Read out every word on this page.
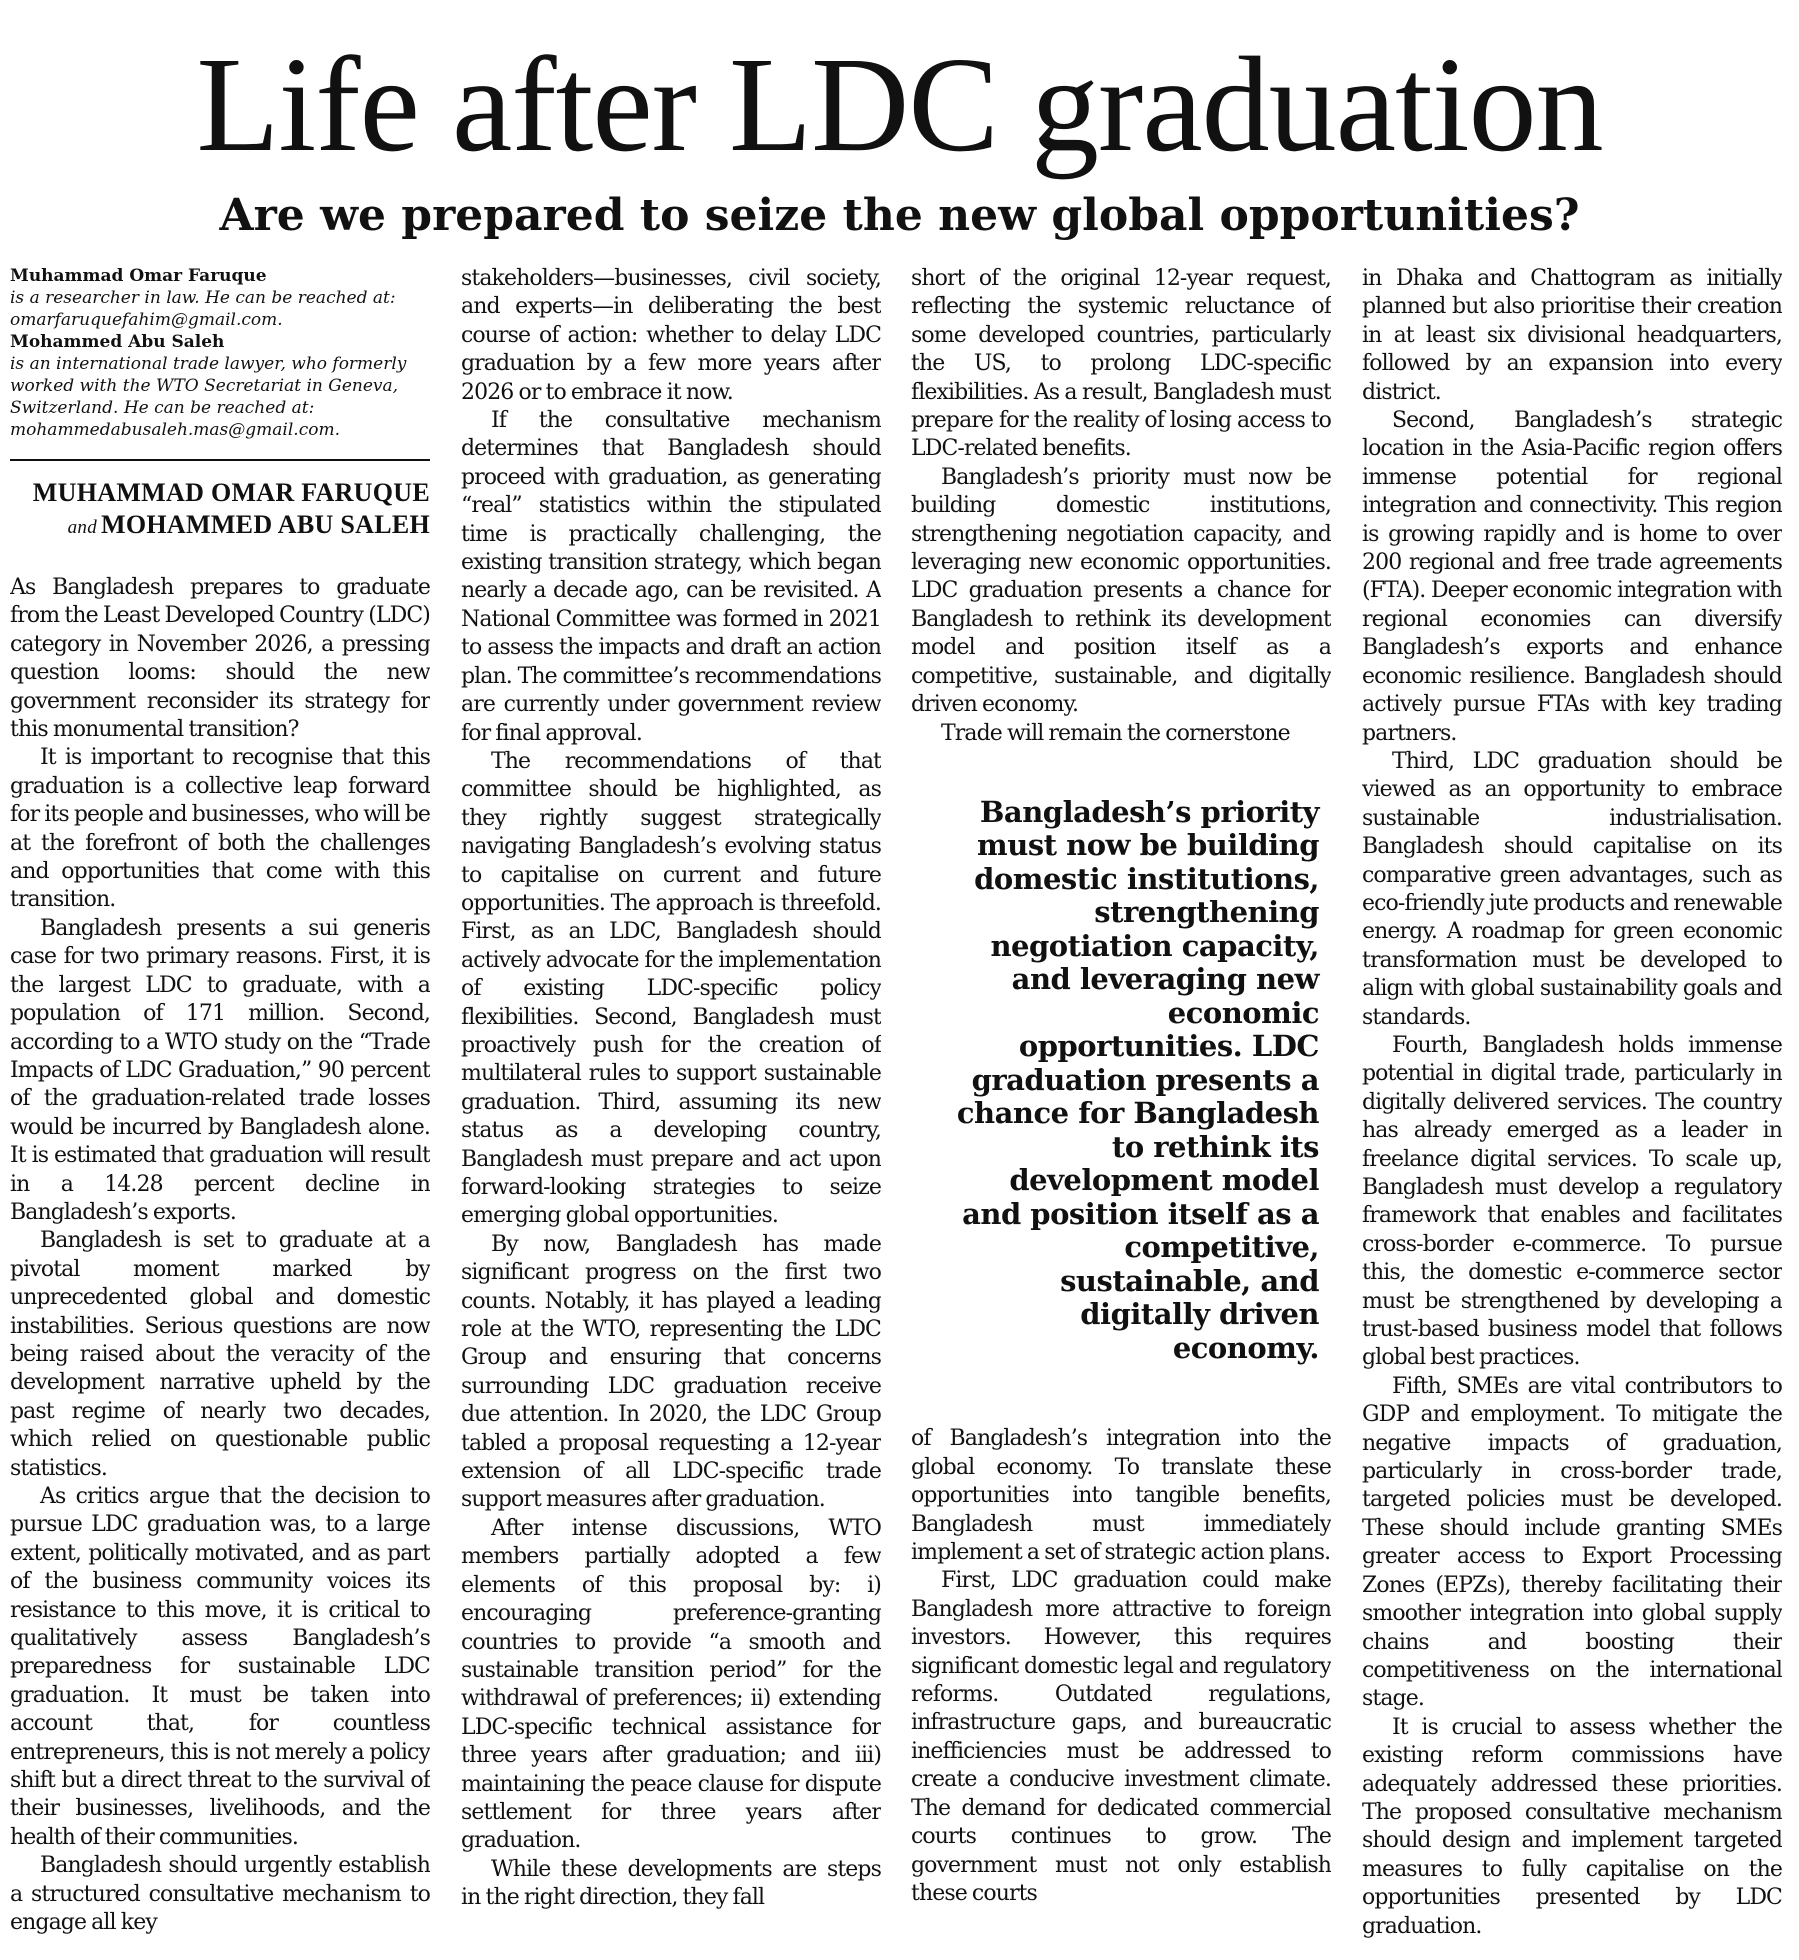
Life after LDC graduation
Are we prepared to seize the new global opportunities?
Muhammad Omar Faruque
is a researcher in law. He can be reached at: omarfaruquefahim@gmail.com.
Mohammed Abu Saleh
is an international trade lawyer, who formerly worked with the WTO Secretariat in Geneva, Switzerland. He can be reached at: mohammedabusaleh.mas@gmail.com.
MUHAMMAD OMAR FARUQUE
and MOHAMMED ABU SALEH

As Bangladesh prepares to graduate from the Least Developed Country (LDC) category in November 2026, a pressing question looms: should the new government reconsider its strategy for this monumental transition?

It is important to recognise that this graduation is a collective leap forward for its people and businesses, who will be at the forefront of both the challenges and opportunities that come with this transition.

Bangladesh presents a sui generis case for two primary reasons. First, it is the largest LDC to graduate, with a population of 171 million. Second, according to a WTO study on the “Trade Impacts of LDC Graduation,” 90 percent of the graduation-related trade losses would be incurred by Bangladesh alone. It is estimated that graduation will result in a 14.28 percent decline in Bangladesh’s exports.

Bangladesh is set to graduate at a pivotal moment marked by unprecedented global and domestic instabilities. Serious questions are now being raised about the veracity of the development narrative upheld by the past regime of nearly two decades, which relied on questionable public statistics.

As critics argue that the decision to pursue LDC graduation was, to a large extent, politically motivated, and as part of the business community voices its resistance to this move, it is critical to qualitatively assess Bangladesh’s preparedness for sustainable LDC graduation. It must be taken into account that, for countless entrepreneurs, this is not merely a policy shift but a direct threat to the survival of their businesses, livelihoods, and the health of their communities.

Bangladesh should urgently establish a structured consultative mechanism to engage all key

stakeholders—businesses, civil society, and experts—in deliberating the best course of action: whether to delay LDC graduation by a few more years after 2026 or to embrace it now.

If the consultative mechanism determines that Bangladesh should proceed with graduation, as generating “real” statistics within the stipulated time is practically challenging, the existing transition strategy, which began nearly a decade ago, can be revisited. A National Committee was formed in 2021 to assess the impacts and draft an action plan. The committee’s recommendations are currently under government review for final approval.

The recommendations of that committee should be highlighted, as they rightly suggest strategically navigating Bangladesh’s evolving status to capitalise on current and future opportunities. The approach is threefold. First, as an LDC, Bangladesh should actively advocate for the implementation of existing LDC-specific policy flexibilities. Second, Bangladesh must proactively push for the creation of multilateral rules to support sustainable graduation. Third, assuming its new status as a developing country, Bangladesh must prepare and act upon forward-looking strategies to seize emerging global opportunities.

By now, Bangladesh has made significant progress on the first two counts. Notably, it has played a leading role at the WTO, representing the LDC Group and ensuring that concerns surrounding LDC graduation receive due attention. In 2020, the LDC Group tabled a proposal requesting a 12-year extension of all LDC-specific trade support measures after graduation.

After intense discussions, WTO members partially adopted a few elements of this proposal by: i) encouraging preference-granting countries to provide “a smooth and sustainable transition period” for the withdrawal of preferences; ii) extending LDC-specific technical assistance for three years after graduation; and iii) maintaining the peace clause for dispute settlement for three years after graduation.

While these developments are steps in the right direction, they fall

short of the original 12-year request, reflecting the systemic reluctance of some developed countries, particularly the US, to prolong LDC-specific flexibilities. As a result, Bangladesh must prepare for the reality of losing access to LDC-related benefits.

Bangladesh’s priority must now be building domestic institutions, strengthening negotiation capacity, and leveraging new economic opportunities. LDC graduation presents a chance for Bangladesh to rethink its development model and position itself as a competitive, sustainable, and digitally driven economy.

Trade will remain the cornerstone

Bangladesh’s priority must now be building domestic institutions, strengthening negotiation capacity, and leveraging new economic opportunities. LDC graduation presents a chance for Bangladesh to rethink its development model and position itself as a competitive, sustainable, and digitally driven economy.

of Bangladesh’s integration into the global economy. To translate these opportunities into tangible benefits, Bangladesh must immediately implement a set of strategic action plans.

First, LDC graduation could make Bangladesh more attractive to foreign investors. However, this requires significant domestic legal and regulatory reforms. Outdated regulations, infrastructure gaps, and bureaucratic inefficiencies must be addressed to create a conducive investment climate. The demand for dedicated commercial courts continues to grow. The government must not only establish these courts

in Dhaka and Chattogram as initially planned but also prioritise their creation in at least six divisional headquarters, followed by an expansion into every district.

Second, Bangladesh’s strategic location in the Asia-Pacific region offers immense potential for regional integration and connectivity. This region is growing rapidly and is home to over 200 regional and free trade agreements (FTA). Deeper economic integration with regional economies can diversify Bangladesh’s exports and enhance economic resilience. Bangladesh should actively pursue FTAs with key trading partners.

Third, LDC graduation should be viewed as an opportunity to embrace sustainable industrialisation. Bangladesh should capitalise on its comparative green advantages, such as eco-friendly jute products and renewable energy. A roadmap for green economic transformation must be developed to align with global sustainability goals and standards.

Fourth, Bangladesh holds immense potential in digital trade, particularly in digitally delivered services. The country has already emerged as a leader in freelance digital services. To scale up, Bangladesh must develop a regulatory framework that enables and facilitates cross-border e-commerce. To pursue this, the domestic e-commerce sector must be strengthened by developing a trust-based business model that follows global best practices.

Fifth, SMEs are vital contributors to GDP and employment. To mitigate the negative impacts of graduation, particularly in cross-border trade, targeted policies must be developed. These should include granting SMEs greater access to Export Processing Zones (EPZs), thereby facilitating their smoother integration into global supply chains and boosting their competitiveness on the international stage.

It is crucial to assess whether the existing reform commissions have adequately addressed these priorities. The proposed consultative mechanism should design and implement targeted measures to fully capitalise on the opportunities presented by LDC graduation.
